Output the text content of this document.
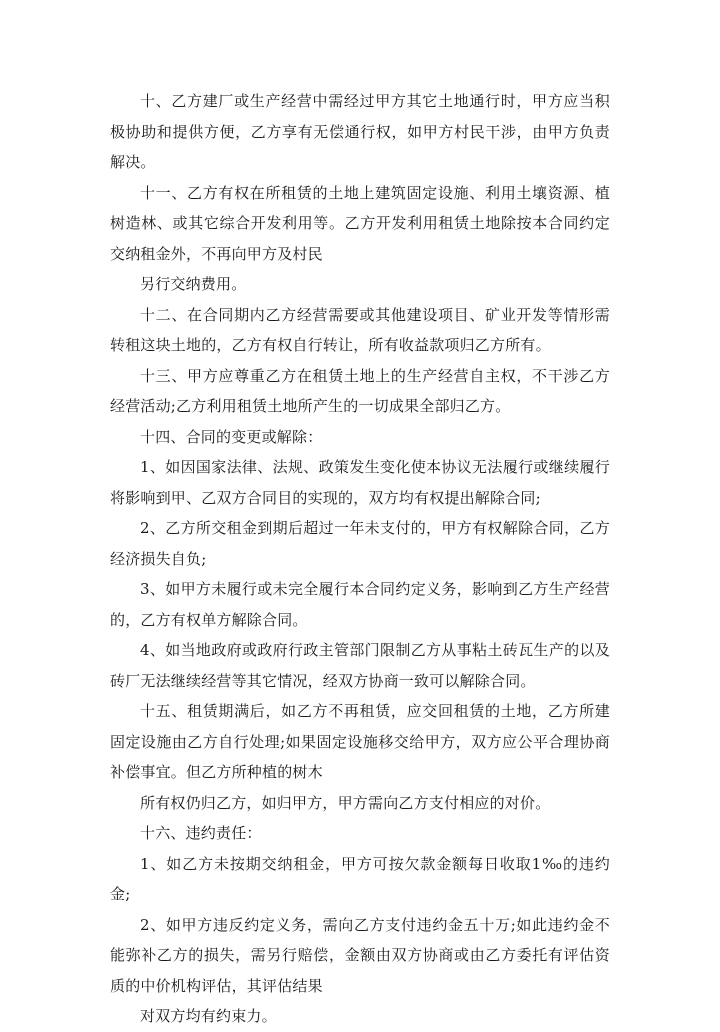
十、乙方建厂或生产经营中需经过甲方其它土地通行时，甲方应当积极协助和提供方便，乙方享有无偿通行权，如甲方村民干涉，由甲方负责解决。

十一、乙方有权在所租赁的土地上建筑固定设施、利用土壤资源、植树造林、或其它综合开发利用等。乙方开发利用租赁土地除按本合同约定交纳租金外，不再向甲方及村民

另行交纳费用。

十二、在合同期内乙方经营需要或其他建设项目、矿业开发等情形需转租这块土地的，乙方有权自行转让，所有收益款项归乙方所有。

十三、甲方应尊重乙方在租赁土地上的生产经营自主权，不干涉乙方经营活动;乙方利用租赁土地所产生的一切成果全部归乙方。

十四、合同的变更或解除：

1、如因国家法律、法规、政策发生变化使本协议无法履行或继续履行将影响到甲、乙双方合同目的实现的，双方均有权提出解除合同;

2、乙方所交租金到期后超过一年未支付的，甲方有权解除合同，乙方经济损失自负;

3、如甲方未履行或未完全履行本合同约定义务，影响到乙方生产经营的，乙方有权单方解除合同。

4、如当地政府或政府行政主管部门限制乙方从事粘土砖瓦生产的以及砖厂无法继续经营等其它情况，经双方协商一致可以解除合同。

十五、租赁期满后，如乙方不再租赁，应交回租赁的土地，乙方所建固定设施由乙方自行处理;如果固定设施移交给甲方，双方应公平合理协商补偿事宜。但乙方所种植的树木

所有权仍归乙方，如归甲方，甲方需向乙方支付相应的对价。

十六、违约责任：

1、如乙方未按期交纳租金，甲方可按欠款金额每日收取1‰的违约金;

2、如甲方违反约定义务，需向乙方支付违约金五十万;如此违约金不能弥补乙方的损失，需另行赔偿，金额由双方协商或由乙方委托有评估资质的中价机构评估，其评估结果

对双方均有约束力。
